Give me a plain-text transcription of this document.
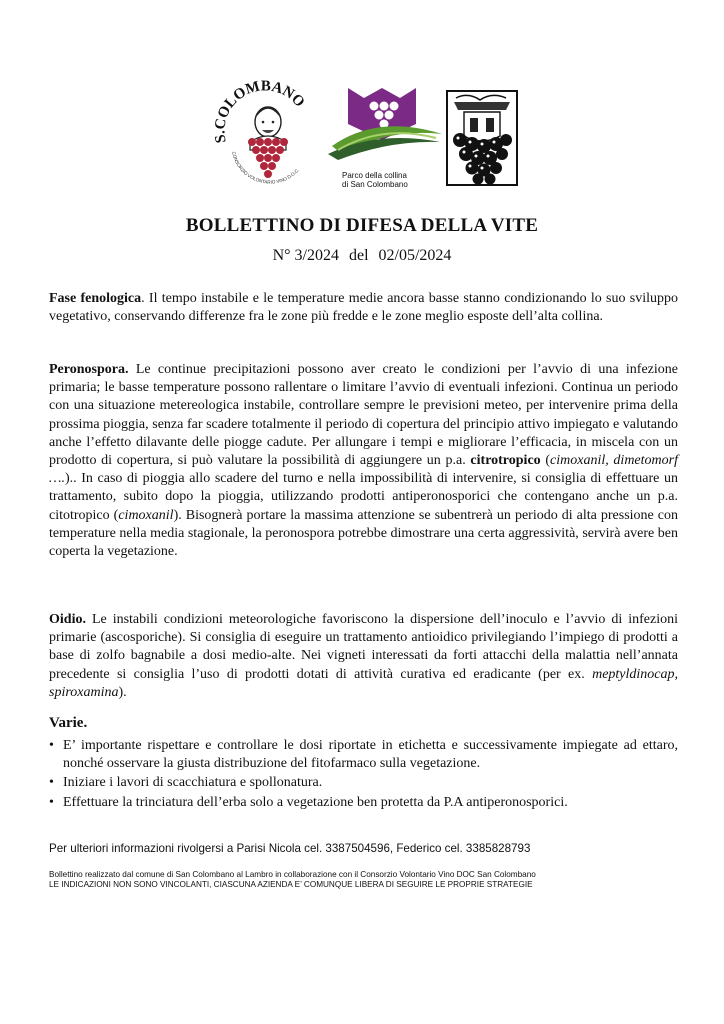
S.COLOMBANO
CONSORZIO VOLONTARIO VINO D.O.C.
Parco della collina
di San Colombano
BOLLETTINO DI DIFESA DELLA VITE
N° 3/2024 del 02/05/2024
Fase fenologica. Il tempo instabile e le temperature medie ancora basse stanno condizionando lo suo sviluppo vegetativo, conservando differenze fra le zone più fredde e le zone meglio esposte dell’alta collina.
Peronospora. Le continue precipitazioni possono aver creato le condizioni per l’avvio di una infezione primaria; le basse temperature possono rallentare o limitare l’avvio di eventuali infezioni. Continua un periodo con una situazione metereologica instabile, controllare sempre le previsioni meteo, per intervenire prima della prossima pioggia, senza far scadere totalmente il periodo di copertura del principio attivo impiegato e valutando anche l’effetto dilavante delle piogge cadute. Per allungare i tempi e migliorare l’efficacia, in miscela con un prodotto di copertura, si può valutare la possibilità di aggiungere un p.a. citrotropico (cimoxanil, dimetomorf ….).. In caso di pioggia allo scadere del turno e nella impossibilità di intervenire, si consiglia di effettuare un trattamento, subito dopo la pioggia, utilizzando prodotti antiperonosporici che contengano anche un p.a. citotropico (cimoxanil). Bisognerà portare la massima attenzione se subentrerà un periodo di alta pressione con temperature nella media stagionale, la peronospora potrebbe dimostrare una certa aggressività, servirà avere ben coperta la vegetazione.
Oidio. Le instabili condizioni meteorologiche favoriscono la dispersione dell’inoculo e l’avvio di infezioni primarie (ascosporiche). Si consiglia di eseguire un trattamento antioidico privilegiando l’impiego di prodotti a base di zolfo bagnabile a dosi medio-alte. Nei vigneti interessati da forti attacchi della malattia nell’annata precedente si consiglia l’uso di prodotti dotati di attività curativa ed eradicante (per ex. meptyldinocap, spiroxamina).
Varie.
• E’ importante rispettare e controllare le dosi riportate in etichetta e successivamente impiegate ad ettaro, nonché osservare la giusta distribuzione del fitofarmaco sulla vegetazione.
• Iniziare i lavori di scacchiatura e spollonatura.
• Effettuare la trinciatura dell’erba solo a vegetazione ben protetta da P.A antiperonosporici.
Per ulteriori informazioni rivolgersi a Parisi Nicola cel. 3387504596, Federico cel. 3385828793
Bollettino realizzato dal comune di San Colombano al Lambro in collaborazione con il Consorzio Volontario Vino DOC San Colombano
LE INDICAZIONI NON SONO VINCOLANTI, CIASCUNA AZIENDA E’ COMUNQUE LIBERA DI SEGUIRE LE PROPRIE STRATEGIE
